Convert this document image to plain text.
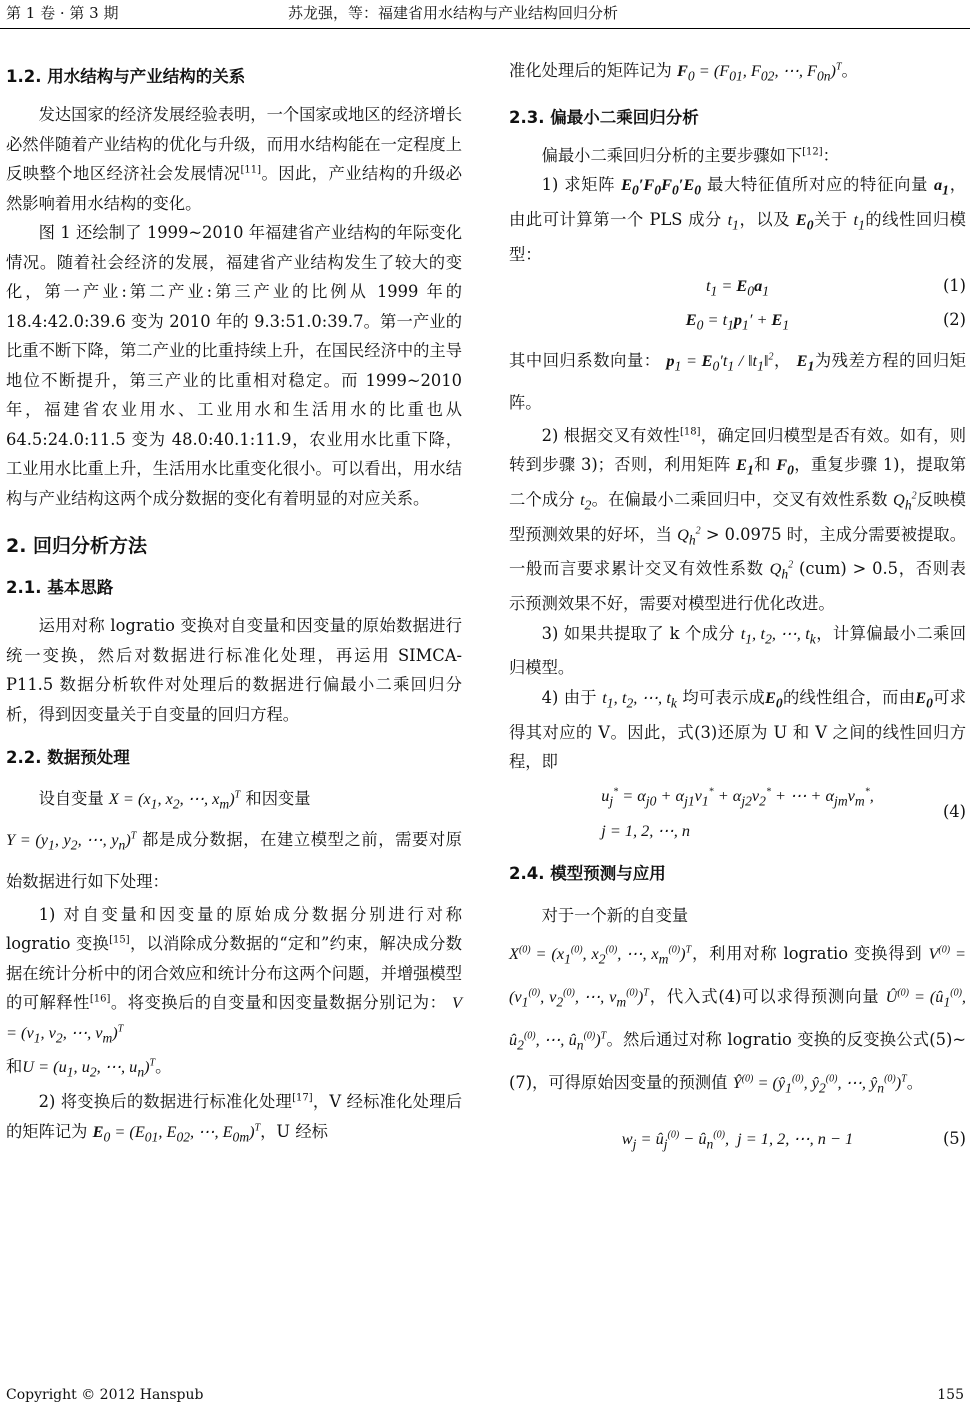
第 1 卷 · 第 3 期	苏龙强，等：福建省用水结构与产业结构回归分析
1.2. 用水结构与产业结构的关系

发达国家的经济发展经验表明，一个国家或地区的经济增长必然伴随着产业结构的优化与升级，而用水结构能在一定程度上反映整个地区经济社会发展情况[11]。因此，产业结构的升级必然影响着用水结构的变化。

图 1 还绘制了 1999~2010 年福建省产业结构的年际变化情况。随着社会经济的发展，福建省产业结构发生了较大的变化，第一产业:第二产业:第三产业的比例从 1999 年的 18.4:42.0:39.6 变为 2010 年的 9.3:51.0:39.7。第一产业的比重不断下降，第二产业的比重持续上升，在国民经济中的主导地位不断提升，第三产业的比重相对稳定。而 1999~2010 年，福建省农业用水、工业用水和生活用水的比重也从 64.5:24.0:11.5 变为 48.0:40.1:11.9，农业用水比重下降，工业用水比重上升，生活用水比重变化很小。可以看出，用水结构与产业结构这两个成分数据的变化有着明显的对应关系。

2. 回归分析方法
2.1. 基本思路

运用对称 logratio 变换对自变量和因变量的原始数据进行统一变换，然后对数据进行标准化处理，再运用 SIMCA-P11.5 数据分析软件对处理后的数据进行偏最小二乘回归分析，得到因变量关于自变量的回归方程。

2.2. 数据预处理

设自变量 $X = (x_1$, $x_2$, ⋯, $x_m)^T$ 和因变量
$Y = (y_1$, $y_2$, ⋯, $y_n)^T$ 都是成分数据，在建立模型之前，需要对原始数据进行如下处理：

1) 对自变量和因变量的原始成分数据分别进行对称 logratio 变换[15]，以消除成分数据的“定和”约束，解决成分数据在统计分析中的闭合效应和统计分布这两个问题，并增强模型的可解释性[16]。将变换后的自变量和因变量数据分别记为： $V = (v_1$, $v_2$, ⋯, $v_m)^T$
和$U = (u_1$, $u_2$, ⋯, $u_n)^T$。

2) 将变换后的数据进行标准化处理[17]，V 经标准化处理后的矩阵记为 $E_0 = (E_{01}$, $E_{02}$, ⋯, $E_{0m})^T$，U 经标

准化处理后的矩阵记为 $F_0 = (F_{01}$, $F_{02}$, ⋯, $F_{0n})^T$。

2.3. 偏最小二乘回归分析

偏最小二乘回归分析的主要步骤如下[12]：

1) 求矩阵 $E_0'F_0F_0'E_0$ 最大特征值所对应的特征向量 $a_1$，由此可计算第一个 PLS 成分 $t_1$，以及 $E_0$关于 $t_1$的线性回归模型：

$t_1 = E_0a_1$	(1)
$E_0 = t_1p_1' + E_1$	(2)

其中回归系数向量： $p_1 = E_0't_1$ / $‖t_1‖^2$， $E_1$为残差方程的回归矩阵。

2) 根据交叉有效性[18]，确定回归模型是否有效。如有，则转到步骤 3)；否则，利用矩阵 $E_1$和 $F_0$，重复步骤 1)，提取第二个成分 $t_2$。在偏最小二乘回归中，交叉有效性系数 $Q_h^2$反映模型预测效果的好坏，当 $Q_h^2 > 0.0975$ 时，主成分需要被提取。一般而言要求累计交叉有效性系数 $Q_h^2$ (cum) > 0.5，否则表示预测效果不好，需要对模型进行优化改进。

3) 如果共提取了 k 个成分 $t_1$, $t_2$, ⋯, $t_k$，计算偏最小二乘回归模型。

4) 由于 $t_1$, $t_2$, ⋯, $t_k$ 均可表示成$E_0$的线性组合，而由$E_0$可求得其对应的 V。因此，式(3)还原为 U 和 V 之间的线性回归方程，即

$u_j^* = \alpha_{j0} + \alpha_{j1}v_1^* + \alpha_{j2}v_2^*$ + ⋯ + $\alpha_{jm}v_m^*$,
j = 1, 2, ⋯, n
(4)
2.4. 模型预测与应用

对于一个新的自变量
$X^{(0)} = (x_1^{(0)}$, $x_2^{(0)}$, ⋯, $x_m^{(0)})^T$，利用对称 logratio 变换得到 $V^{(0)} = (v_1^{(0)}$, $v_2^{(0)}$, ⋯, $v_m^{(0)})^T$，代入式(4)可以求得预测向量 $Û^{(0)}$ = ($û_1^{(0)}$, $û_2^{(0)}$, ⋯, $û_n^{(0)})^T$。然后通过对称 logratio 变换的反变换公式(5)~(7)，可得原始因变量的预测值 $Ŷ^{(0)}$ = ($ŷ_1^{(0)}$, $ŷ_2^{(0)}$, ⋯, $ŷ_n^{(0)})^T$。

$w_j$ = $û_j^{(0)}$ − $û_n^{(0)}$,  j = 1, 2, ⋯, n − 1	(5)
Copyright © 2012 Hanspub	155
